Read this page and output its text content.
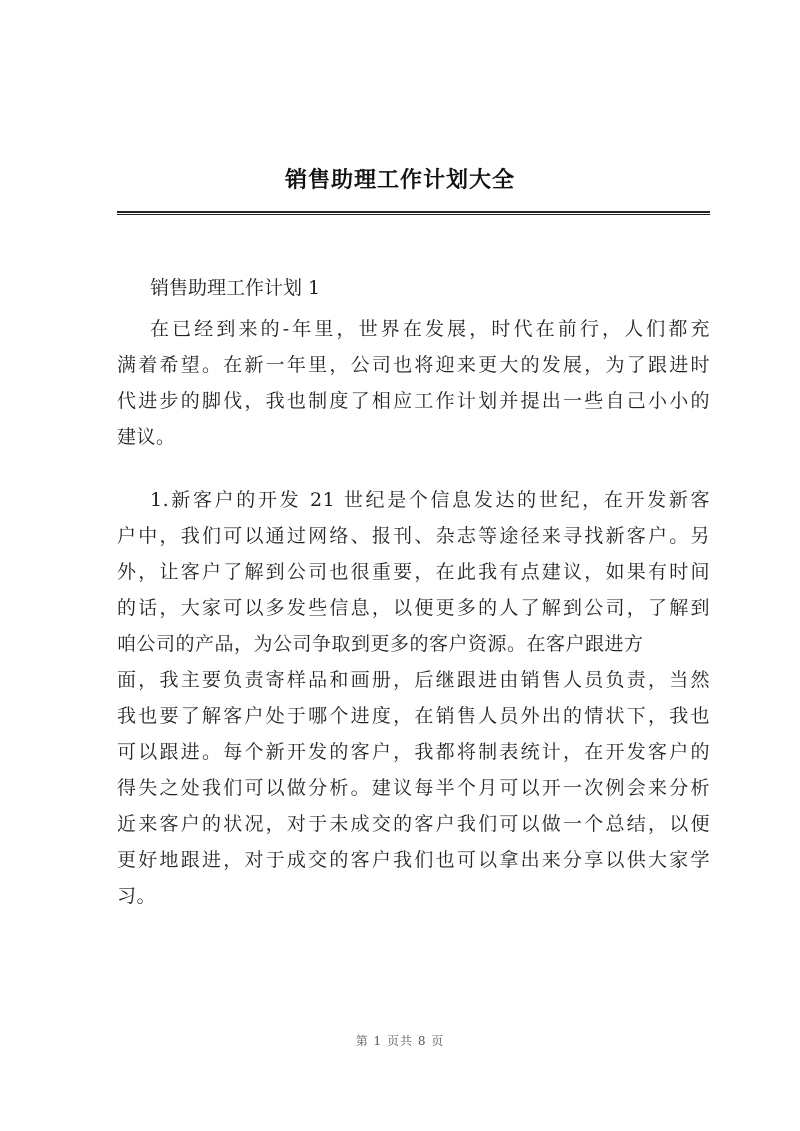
销售助理工作计划大全
销售助理工作计划 1
在已经到来的-年里，世界在发展，时代在前行，人们都充
满着希望。在新一年里，公司也将迎来更大的发展，为了跟进时
代进步的脚伐，我也制度了相应工作计划并提出一些自己小小的
建议。
1.新客户的开发 21 世纪是个信息发达的世纪，在开发新客
户中，我们可以通过网络、报刊、杂志等途径来寻找新客户。另
外，让客户了解到公司也很重要，在此我有点建议，如果有时间
的话，大家可以多发些信息，以便更多的人了解到公司，了解到
咱公司的产品，为公司争取到更多的客户资源。在客户跟进方
面，我主要负责寄样品和画册，后继跟进由销售人员负责，当然
我也要了解客户处于哪个进度，在销售人员外出的情状下，我也
可以跟进。每个新开发的客户，我都将制表统计，在开发客户的
得失之处我们可以做分析。建议每半个月可以开一次例会来分析
近来客户的状况，对于未成交的客户我们可以做一个总结，以便
更好地跟进，对于成交的客户我们也可以拿出来分享以供大家学
习。
第 1 页共 8 页
